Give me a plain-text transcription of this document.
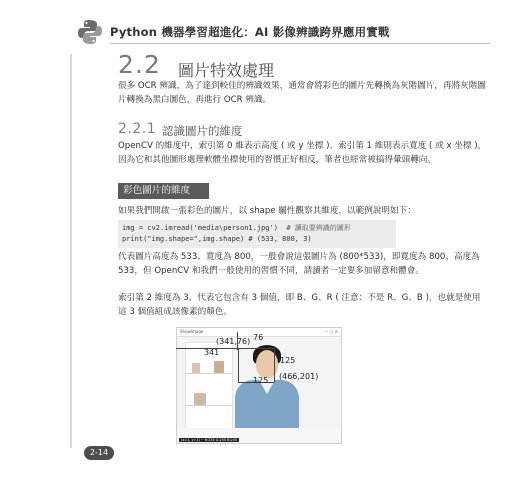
Python 機器學習超進化：AI 影像辨識跨界應用實戰
2.2 圖片特效處理
很多 OCR 辨識，為了達到較佳的辨識效果，通常會將彩色的圖片先轉換為灰階圖片，再將灰階圖片轉換為黑白圖色，再進行 OCR 辨識。
2.2.1 認識圖片的維度
OpenCV 的維度中，索引第 0 維表示高度 ( 或 y 坐標 )、索引第 1 維則表示寬度 ( 或 x 坐標 )，因為它和其他圖形處理軟體坐標使用的習慣正好相反，筆者也經常被搞得暈頭轉向。
彩色圖片的維度
如果我們開啟一張彩色的圖片，以 shape 屬性觀察其維度，以範例說明如下：
img = cv2.imread('media\person1.jpg') # 讀取要辨識的圖形
print("img.shape=",img.shape) # (533, 800, 3)
代表圖片高度為 533、寬度為 800，一般會說這張圖片為 (800*533)，即寬度為 800、高度為 533，但 OpenCV 和我們一般使用的習慣不同，請讀者一定要多加留意和體會。
索引第 2 維度為 3，代表它包含有 3 個值，即 B、G、R ( 注意：不是 R、G、B )，也就是使用這 3 個值組成該像素的顏色。
ShowImage	— □ ✕
(x=1, y=1) ~ R:255 G:255 B:255
(341,76) 76
341
125
(466,201)
125
2-14
